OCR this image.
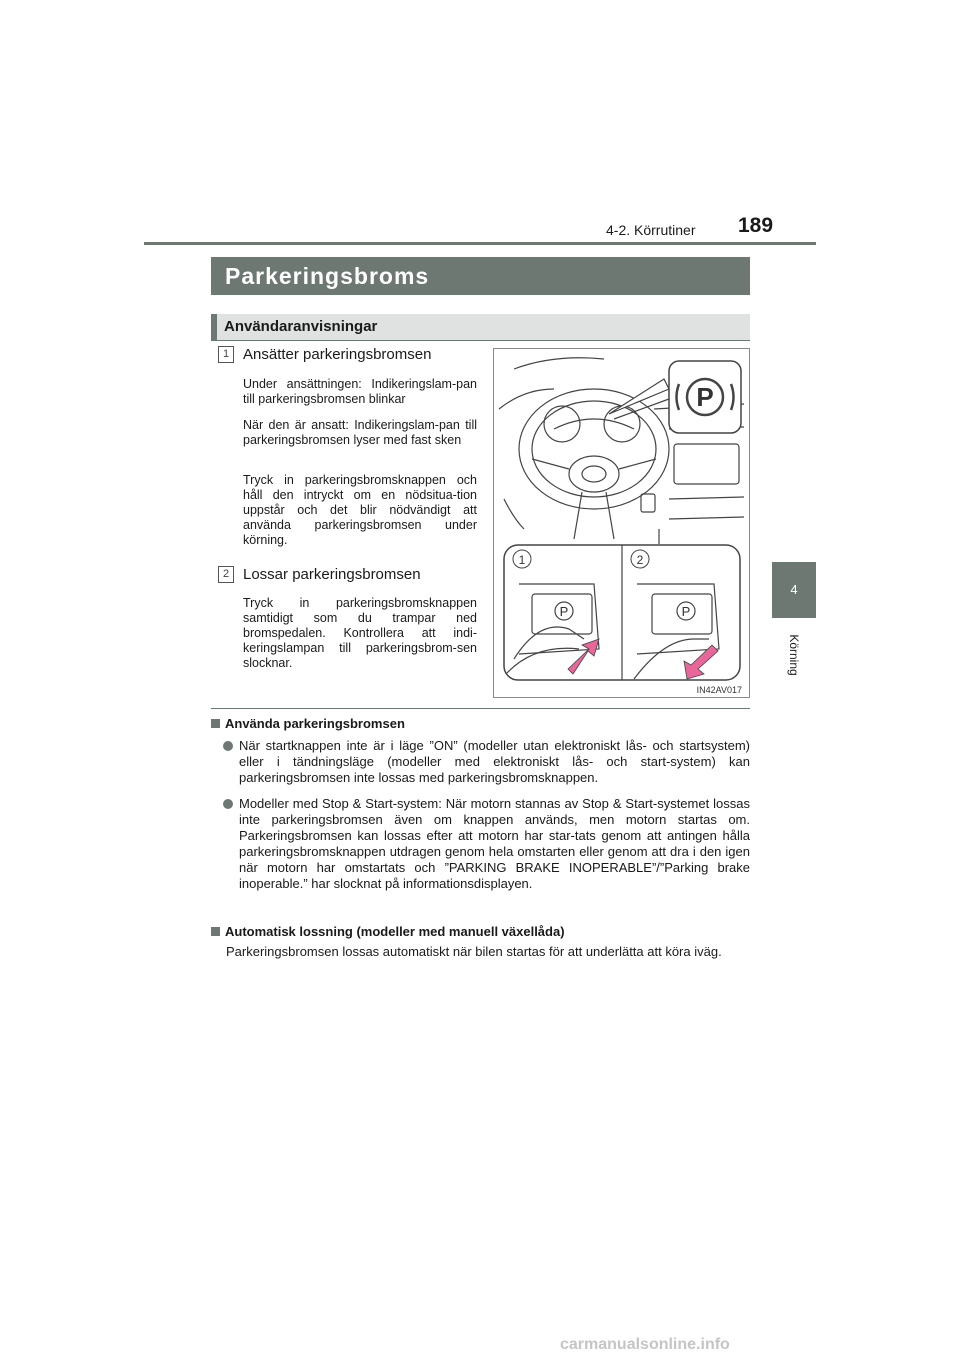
189
4-2. Körrutiner
4
Körning
Parkeringsbroms
Användaranvisningar
1 Ansätter parkeringsbromsen
Under ansättningen: Indikeringslam-pan till parkeringsbromsen blinkar
När den är ansatt: Indikeringslam-pan till parkeringsbromsen lyser med fast sken
Tryck in parkeringsbromsknappen och håll den intryckt om en nödsitua-tion uppstår och det blir nödvändigt att använda parkeringsbromsen under körning.
2 Lossar parkeringsbromsen
Tryck in parkeringsbromsknappen samtidigt som du trampar ned bromspedalen. Kontrollera att indi-keringslampan till parkeringsbrom-sen slocknar.
P
P	P
1	2
IN42AV017
Använda parkeringsbromsen
När startknappen inte är i läge ”ON” (modeller utan elektroniskt lås- och startsystem) eller i tändningsläge (modeller med elektroniskt lås- och start-system) kan parkeringsbromsen inte lossas med parkeringsbromsknappen.
Modeller med Stop & Start-system: När motorn stannas av Stop & Start-systemet lossas inte parkeringsbromsen även om knappen används, men motorn startas om. Parkeringsbromsen kan lossas efter att motorn har star-tats genom att antingen hålla parkeringsbromsknappen utdragen genom hela omstarten eller genom att dra i den igen när motorn har omstartats och ”PARKING BRAKE INOPERABLE”/”Parking brake inoperable.” har slocknat på informationsdisplayen.
Automatisk lossning (modeller med manuell växellåda)
Parkeringsbromsen lossas automatiskt när bilen startas för att underlätta att köra iväg.
carmanualsonline.info
